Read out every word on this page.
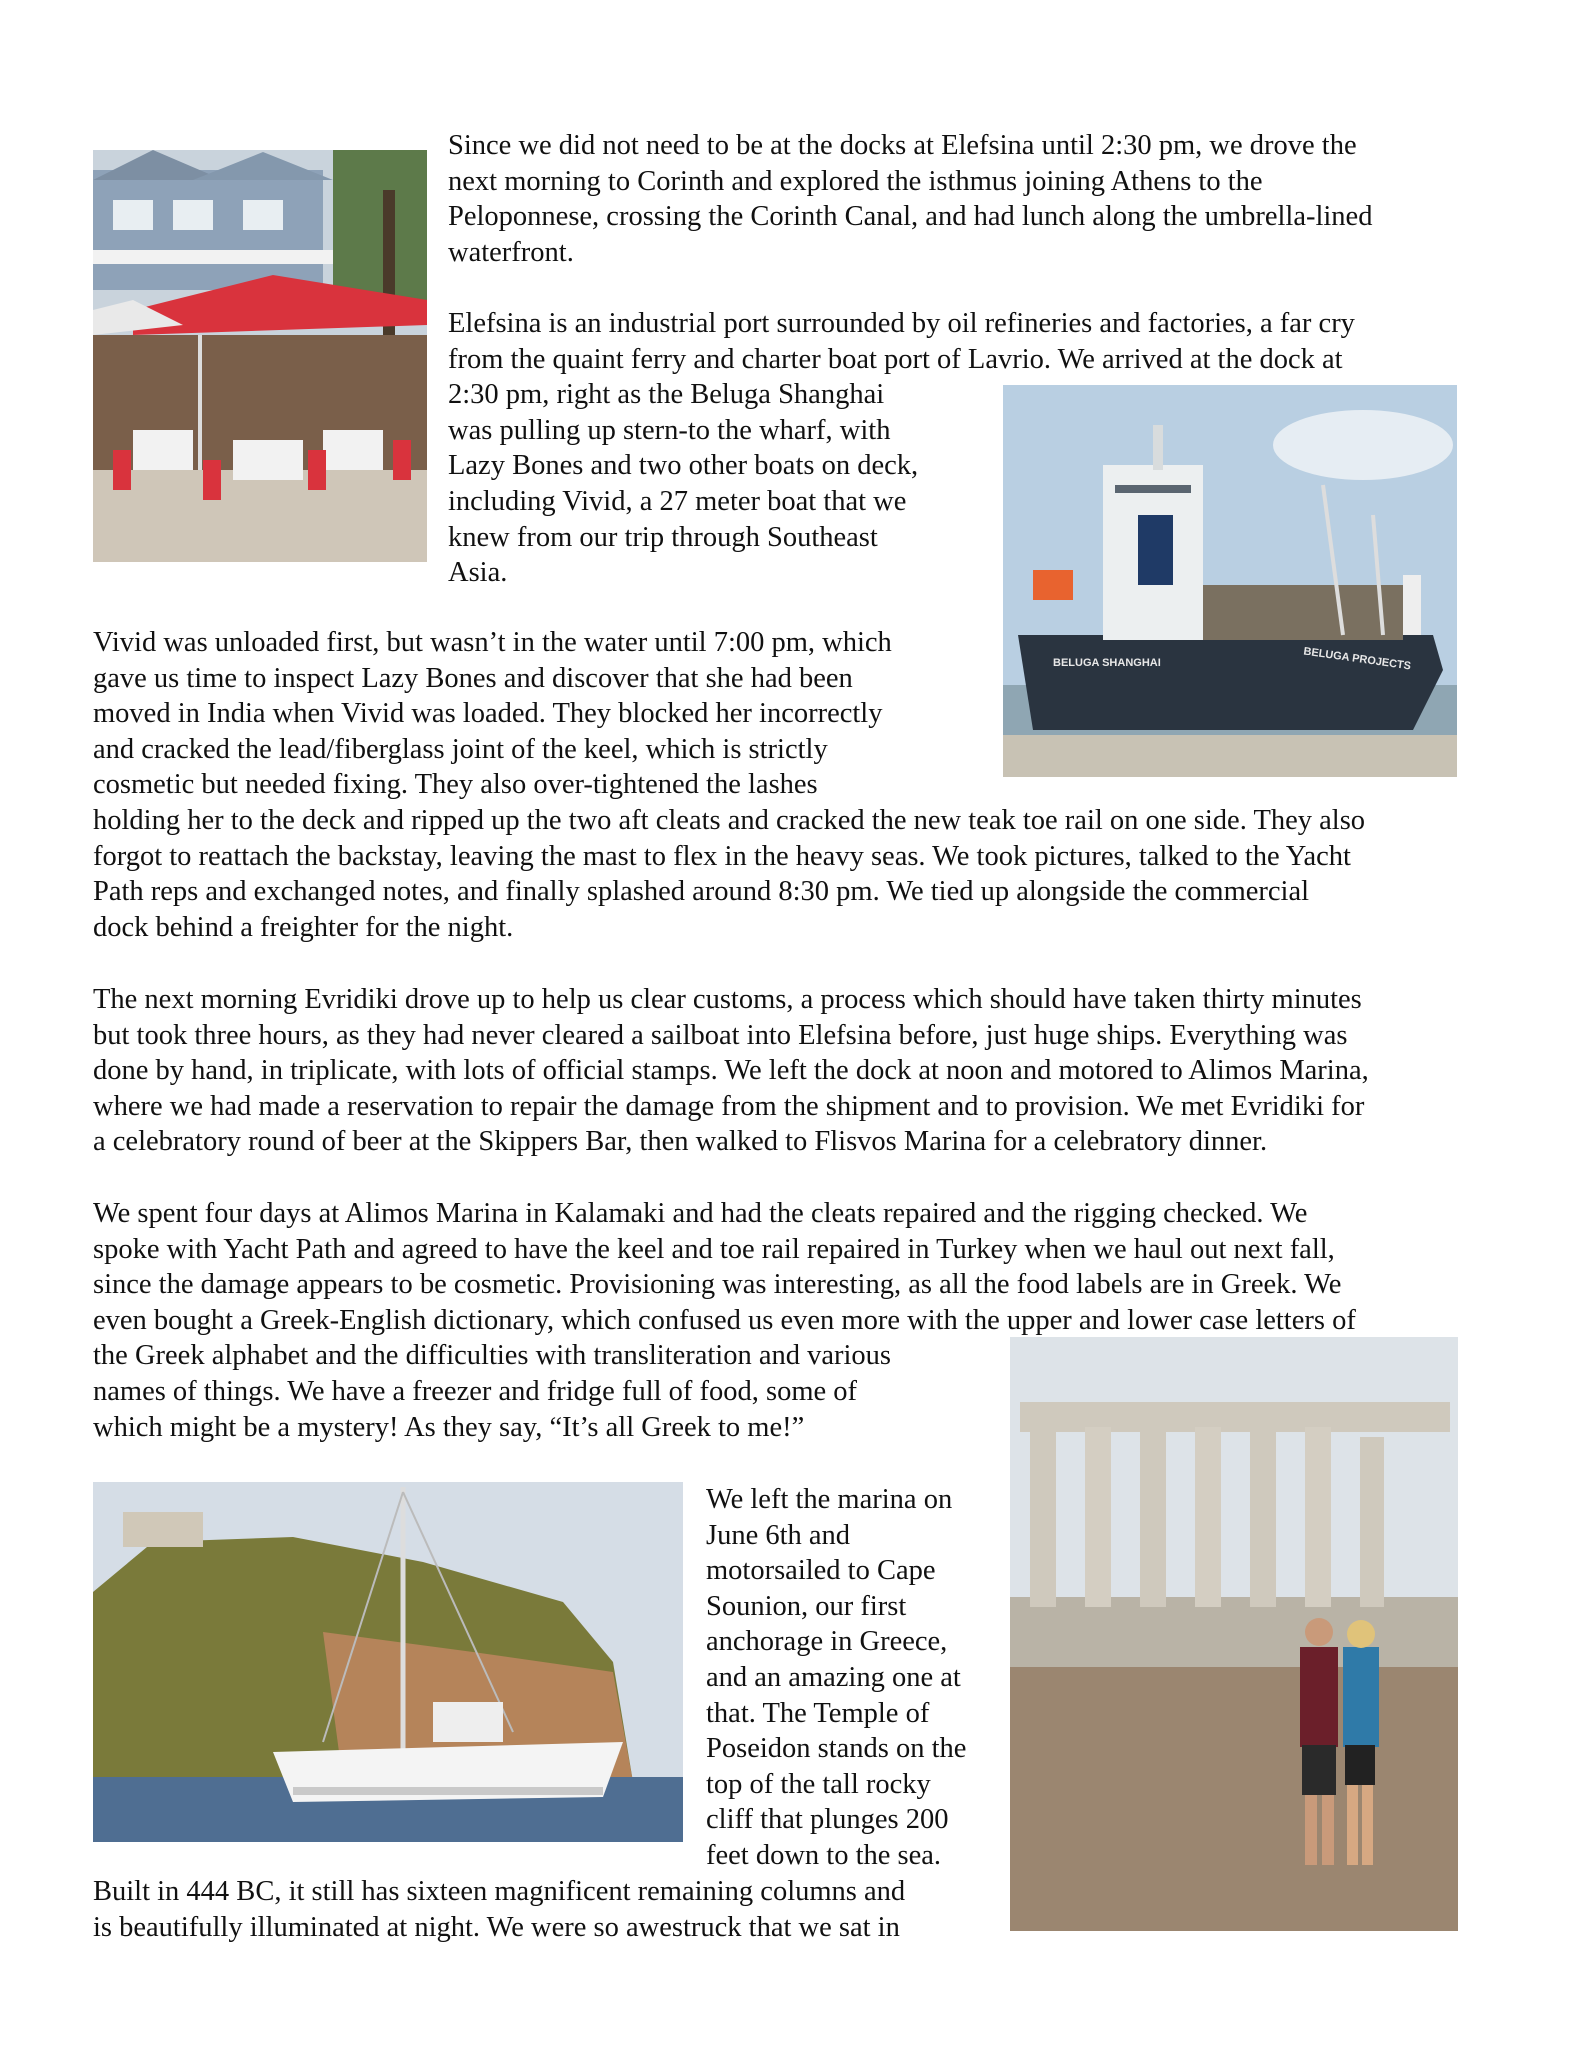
Since we did not need to be at the docks at Elefsina until 2:30 pm, we drove the
next morning to Corinth and explored the isthmus joining Athens to the
Peloponnese, crossing the Corinth Canal, and had lunch along the umbrella-lined
waterfront.

Elefsina is an industrial port surrounded by oil refineries and factories, a far cry
from the quaint ferry and charter boat port of Lavrio. We arrived at the dock at
2:30 pm, right as the Beluga Shanghai
was pulling up stern-to the wharf, with
Lazy Bones and two other boats on deck,
including Vivid, a 27 meter boat that we
knew from our trip through Southeast
Asia.

BELUGA SHANGHAI	BELUGA PROJECTS

Vivid was unloaded first, but wasn’t in the water until 7:00 pm, which
gave us time to inspect Lazy Bones and discover that she had been
moved in India when Vivid was loaded. They blocked her incorrectly
and cracked the lead/fiberglass joint of the keel, which is strictly
cosmetic but needed fixing. They also over-tightened the lashes
holding her to the deck and ripped up the two aft cleats and cracked the new teak toe rail on one side. They also
forgot to reattach the backstay, leaving the mast to flex in the heavy seas. We took pictures, talked to the Yacht
Path reps and exchanged notes, and finally splashed around 8:30 pm. We tied up alongside the commercial
dock behind a freighter for the night.

The next morning Evridiki drove up to help us clear customs, a process which should have taken thirty minutes
but took three hours, as they had never cleared a sailboat into Elefsina before, just huge ships. Everything was
done by hand, in triplicate, with lots of official stamps. We left the dock at noon and motored to Alimos Marina,
where we had made a reservation to repair the damage from the shipment and to provision. We met Evridiki for
a celebratory round of beer at the Skippers Bar, then walked to Flisvos Marina for a celebratory dinner.

We spent four days at Alimos Marina in Kalamaki and had the cleats repaired and the rigging checked. We
spoke with Yacht Path and agreed to have the keel and toe rail repaired in Turkey when we haul out next fall,
since the damage appears to be cosmetic. Provisioning was interesting, as all the food labels are in Greek. We
even bought a Greek-English dictionary, which confused us even more with the upper and lower case letters of
the Greek alphabet and the difficulties with transliteration and various
names of things. We have a freezer and fridge full of food, some of
which might be a mystery! As they say, “It’s all Greek to me!”

We left the marina on
June 6th and
motorsailed to Cape
Sounion, our first
anchorage in Greece,
and an amazing one at
that. The Temple of
Poseidon stands on the
top of the tall rocky
cliff that plunges 200
feet down to the sea.

Built in 444 BC, it still has sixteen magnificent remaining columns and
is beautifully illuminated at night. We were so awestruck that we sat in
